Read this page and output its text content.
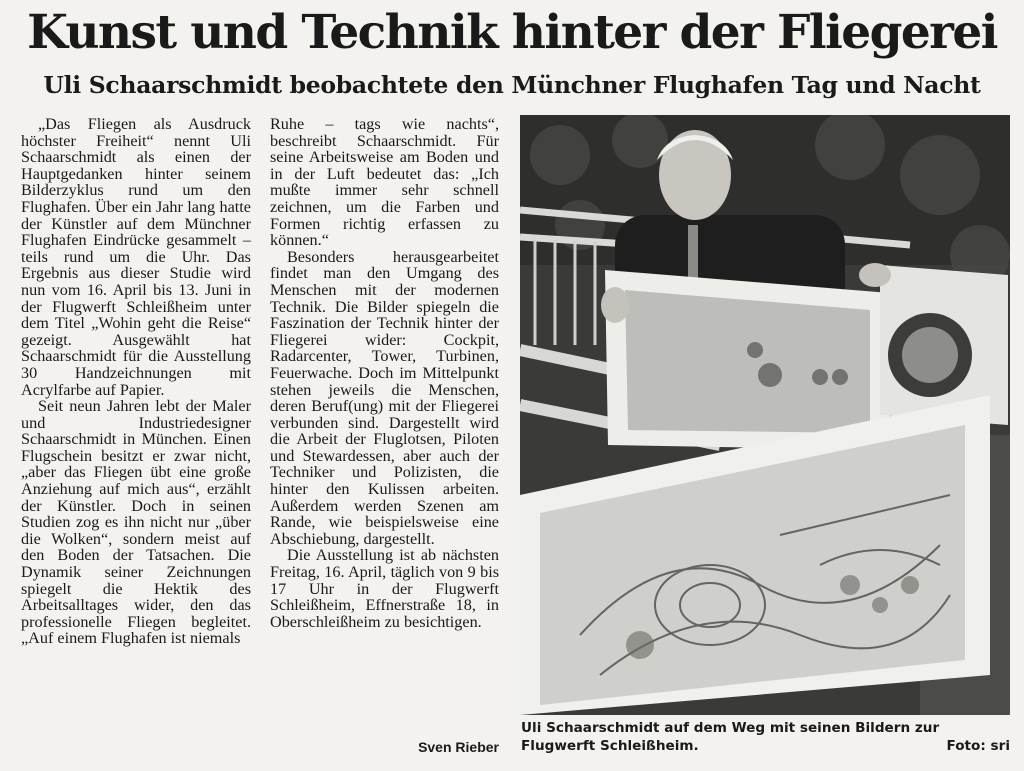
Kunst und Technik hinter der Fliegerei
Uli Schaarschmidt beobachtete den Münchner Flughafen Tag und Nacht

„Das Fliegen als Ausdruck höchster Freiheit“ nennt Uli Schaarschmidt als einen der Hauptgedanken hinter seinem Bilderzyklus rund um den Flughafen. Über ein Jahr lang hatte der Künstler auf dem Münchner Flughafen Eindrücke gesammelt – teils rund um die Uhr. Das Ergebnis aus dieser Studie wird nun vom 16. April bis 13. Juni in der Flugwerft Schleißheim unter dem Titel „Wohin geht die Reise“ gezeigt. Ausgewählt hat Schaarschmidt für die Ausstellung 30 Handzeichnungen mit Acrylfarbe auf Papier.

Seit neun Jahren lebt der Maler und Industriedesigner Schaarschmidt in München. Einen Flugschein besitzt er zwar nicht, „aber das Fliegen übt eine große Anziehung auf mich aus“, erzählt der Künstler. Doch in seinen Studien zog es ihn nicht nur „über die Wolken“, sondern meist auf den Boden der Tatsachen. Die Dynamik seiner Zeichnungen spiegelt die Hektik des Arbeitsalltages wider, den das professionelle Fliegen begleitet. „Auf einem Flughafen ist niemals

Ruhe – tags wie nachts“, beschreibt Schaarschmidt. Für seine Arbeitsweise am Boden und in der Luft bedeutet das: „Ich mußte immer sehr schnell zeichnen, um die Farben und Formen richtig erfassen zu können.“

Besonders herausgearbeitet findet man den Umgang des Menschen mit der modernen Technik. Die Bilder spiegeln die Faszination der Technik hinter der Fliegerei wider: Cockpit, Radarcenter, Tower, Turbinen, Feuerwache. Doch im Mittelpunkt stehen jeweils die Menschen, deren Beruf(ung) mit der Fliegerei verbunden sind. Dargestellt wird die Arbeit der Fluglotsen, Piloten und Stewardessen, aber auch der Techniker und Polizisten, die hinter den Kulissen arbeiten. Außerdem werden Szenen am Rande, wie beispielsweise eine Abschiebung, dargestellt.

Die Ausstellung ist ab nächsten Freitag, 16. April, täglich von 9 bis 17 Uhr in der Flugwerft Schleißheim, Effnerstraße 18, in Oberschleißheim zu besichtigen.

Sven Rieber
Uli Schaarschmidt auf dem Weg mit seinen Bildern zur Flugwerft Schleißheim.	Foto: sri
